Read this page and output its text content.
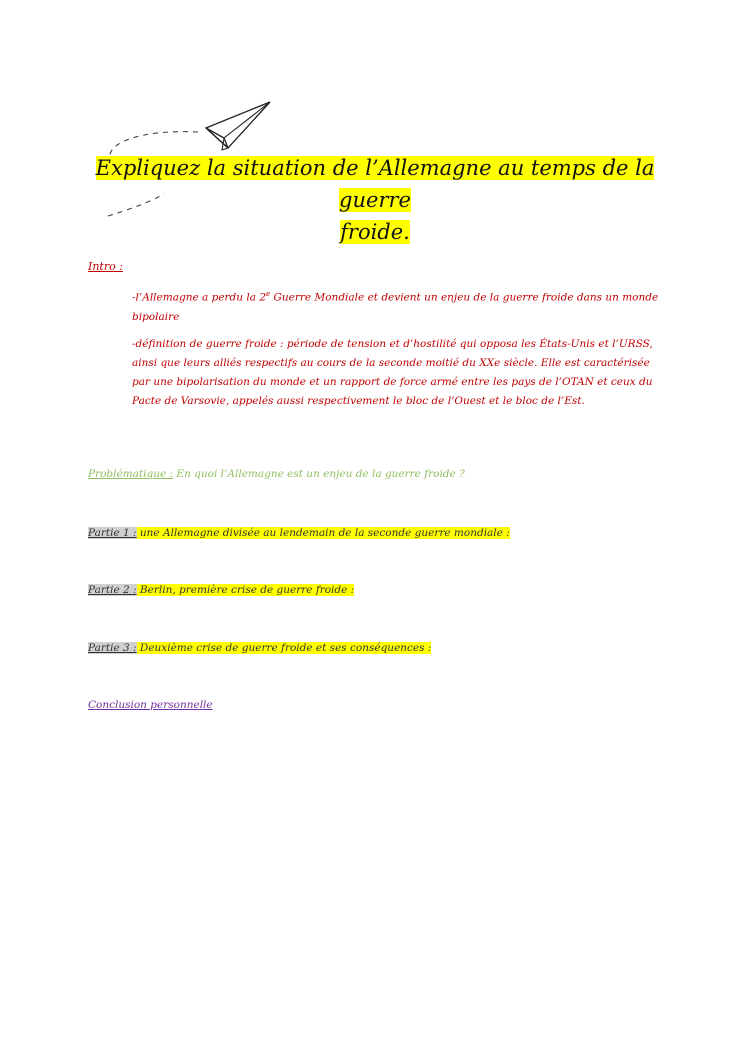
Expliquez la situation de l’Allemagne au temps de la guerre
froide.
Intro :

-l’Allemagne a perdu la 2e Guerre Mondiale et devient un enjeu de la guerre froide dans un monde bipolaire

-définition de guerre froide : période de tension et d’hostilité qui opposa les États-Unis et l’URSS, ainsi que leurs alliés respectifs au cours de la seconde moitié du XXe siècle. Elle est caractérisée par une bipolarisation du monde et un rapport de force armé entre les pays de l’OTAN et ceux du Pacte de Varsovie, appelés aussi respectivement le bloc de l’Ouest et le bloc de l’Est.

Problématique : En quoi l’Allemagne est un enjeu de la guerre froide ?
Partie 1 : une Allemagne divisée au lendemain de la seconde guerre mondiale :
Partie 2 : Berlin, première crise de guerre froide :
Partie 3 : Deuxième crise de guerre froide et ses conséquences :
Conclusion personnelle
